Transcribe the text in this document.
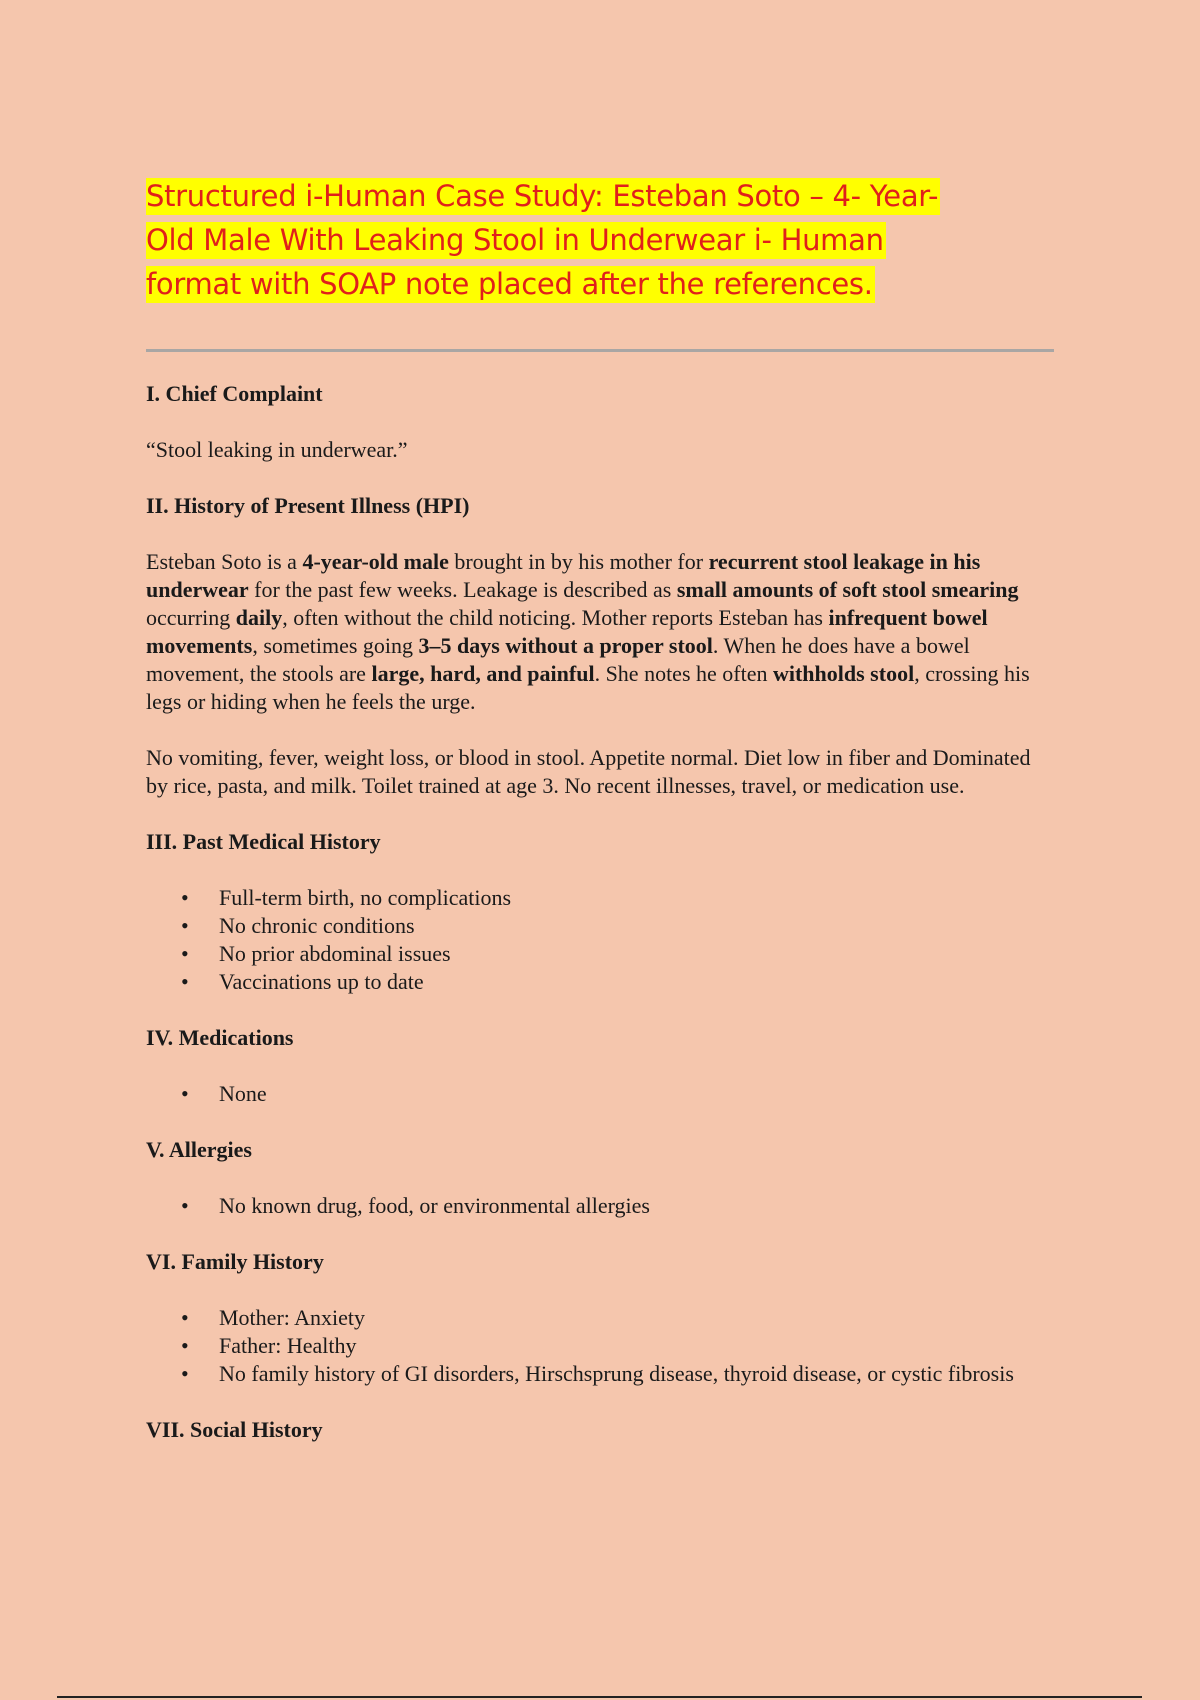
Structured i-Human Case Study: Esteban Soto – 4- Year-
Old Male With Leaking Stool in Underwear i- Human
format with SOAP note placed after the references.

I. Chief Complaint

“Stool leaking in underwear.”

II. History of Present Illness (HPI)

Esteban Soto is a 4-year-old male brought in by his mother for recurrent stool leakage in his underwear for the past few weeks. Leakage is described as small amounts of soft stool smearing occurring daily, often without the child noticing. Mother reports Esteban has infrequent bowel movements, sometimes going 3–5 days without a proper stool. When he does have a bowel movement, the stools are large, hard, and painful. She notes he often withholds stool, crossing his legs or hiding when he feels the urge.

No vomiting, fever, weight loss, or blood in stool. Appetite normal. Diet low in fiber and Dominated by rice, pasta, and milk. Toilet trained at age 3. No recent illnesses, travel, or medication use.

III. Past Medical History

• Full-term birth, no complications
• No chronic conditions
• No prior abdominal issues
• Vaccinations up to date

IV. Medications

• None

V. Allergies

• No known drug, food, or environmental allergies

VI. Family History

• Mother: Anxiety
• Father: Healthy
• No family history of GI disorders, Hirschsprung disease, thyroid disease, or cystic fibrosis

VII. Social History
